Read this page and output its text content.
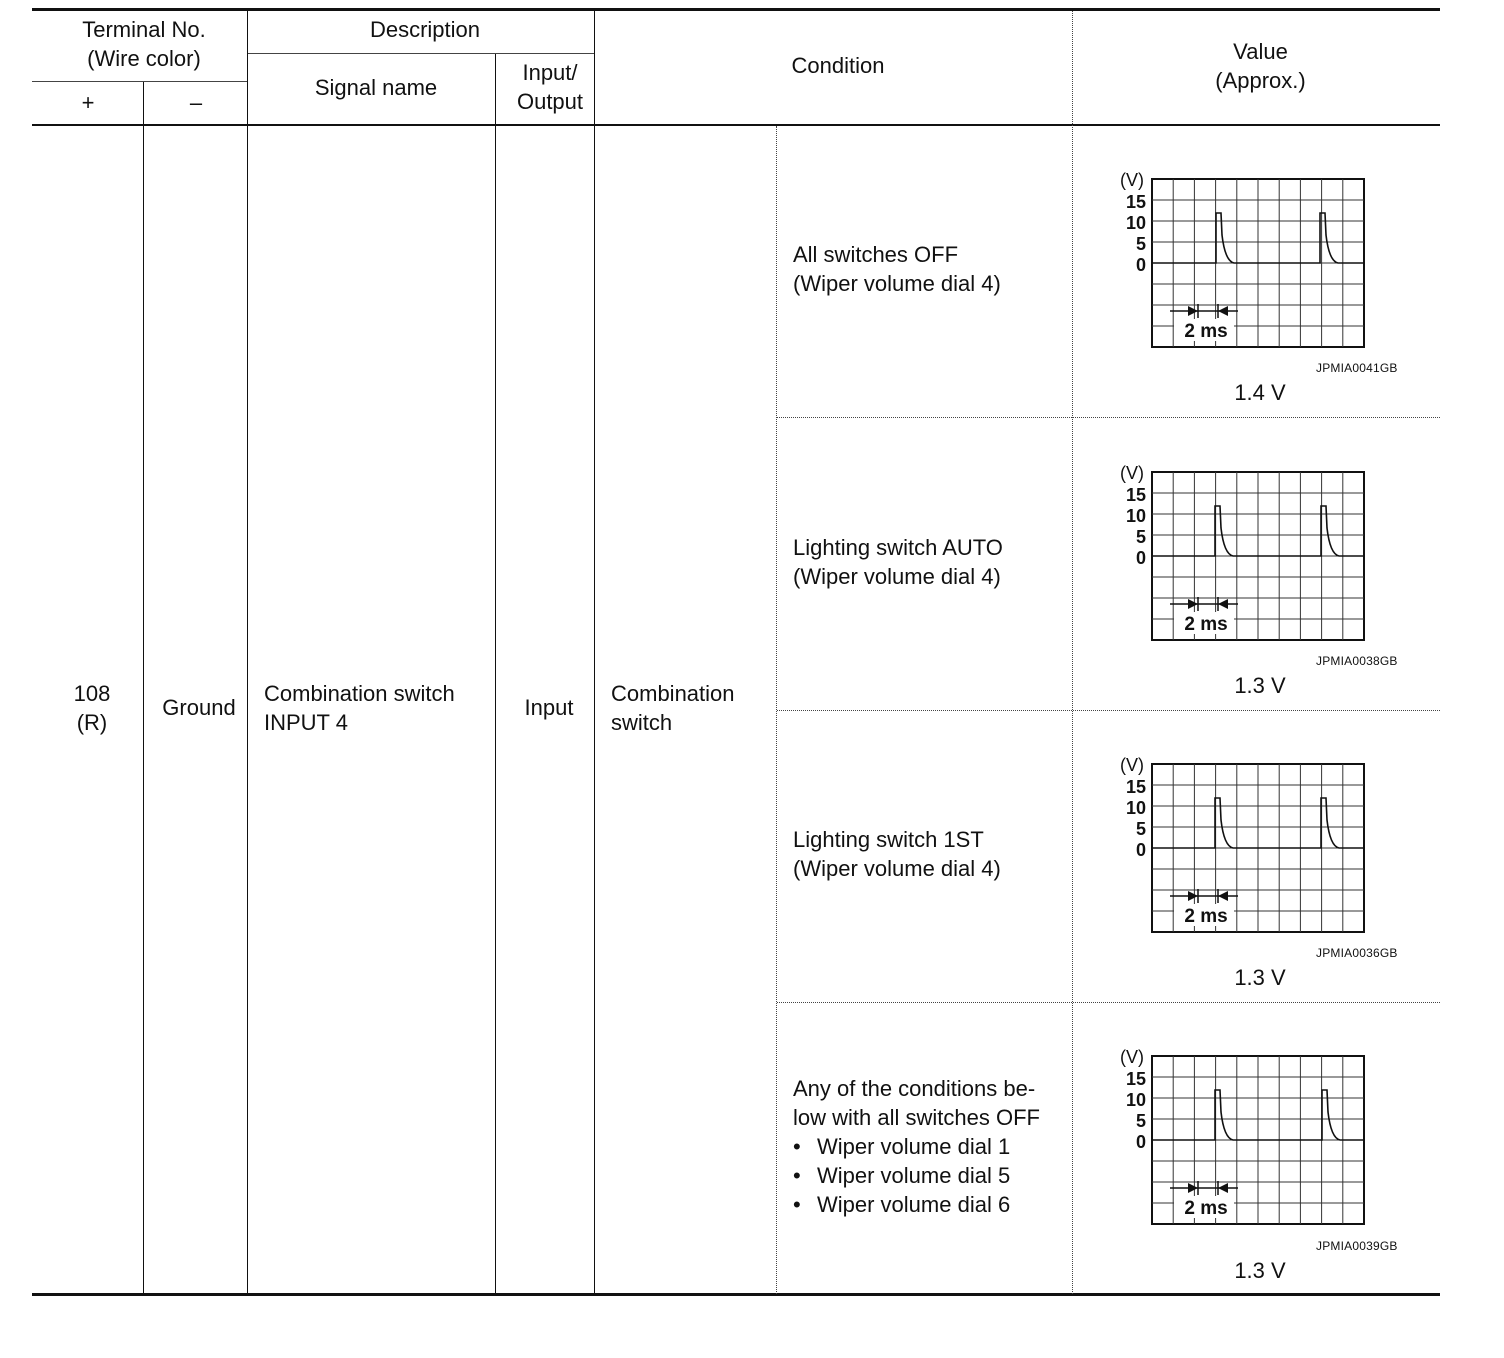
Terminal No.
(Wire color)
+	–
Description
Signal name
Input/
Output
Condition
Value
(Approx.)
108
(R)
Ground
Combination switch
INPUT 4
Input
Combination
switch
All switches OFF
(Wiper volume dial 4)
Lighting switch AUTO
(Wiper volume dial 4)
Lighting switch 1ST
(Wiper volume dial 4)
Any of the conditions be-
low with all switches OFF
• Wiper volume dial 1
• Wiper volume dial 5
• Wiper volume dial 6
(V)
15
10
5
0
2 ms
(V)
15
10
5
0
2 ms
(V)
15
10
5
0
2 ms
(V)
15
10
5
0
2 ms
JPMIA0041GB
1.4 V
JPMIA0038GB
1.3 V
JPMIA0036GB
1.3 V
JPMIA0039GB
1.3 V
